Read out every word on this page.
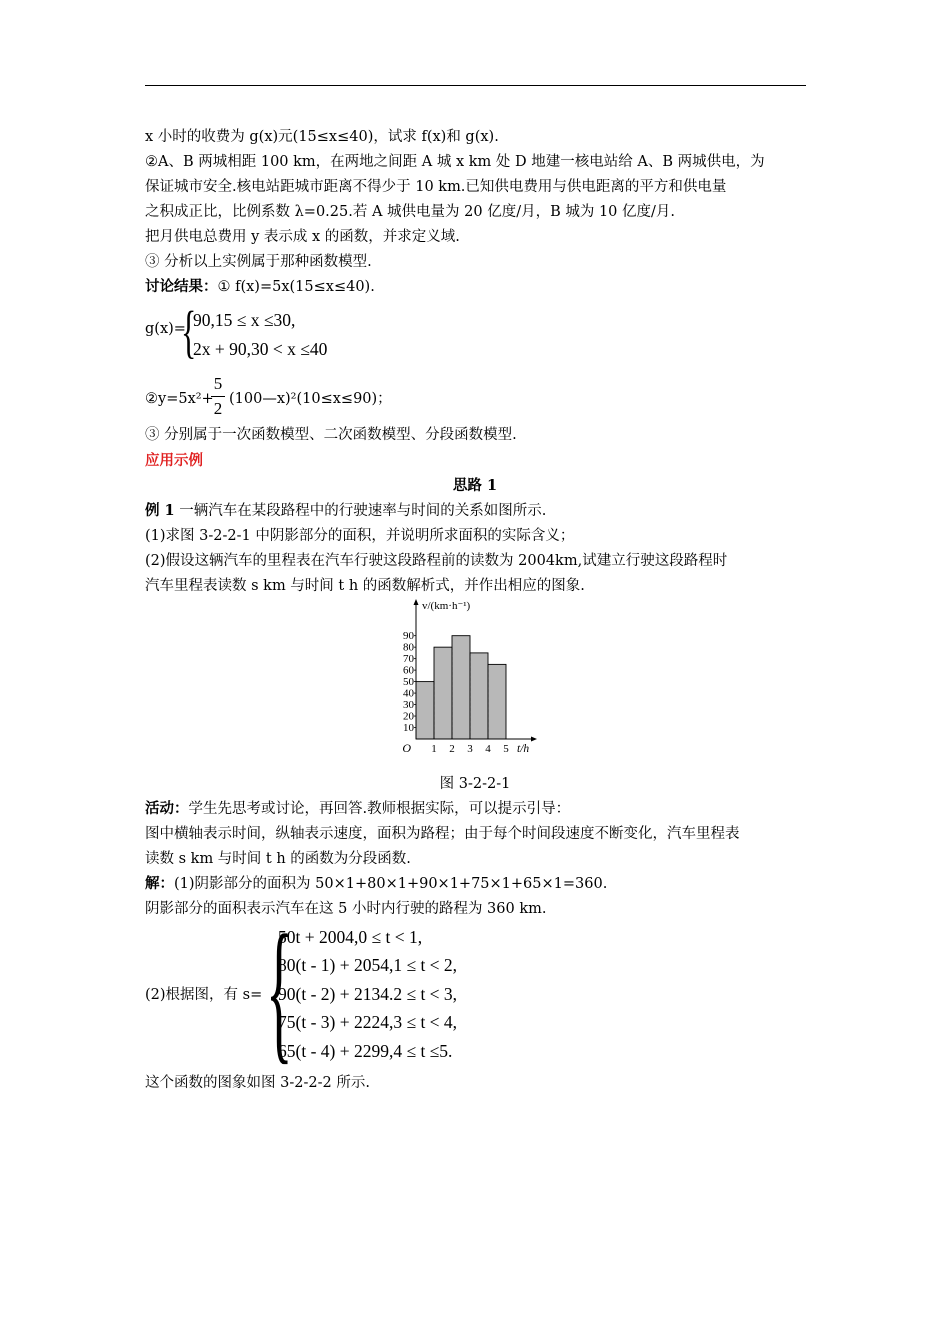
x 小时的收费为 g(x)元(15≤x≤40)，试求 f(x)和 g(x).
②A、B 两城相距 100 km，在两地之间距 A 城 x km 处 D 地建一核电站给 A、B 两城供电，为
保证城市安全.核电站距城市距离不得少于 10 km.已知供电费用与供电距离的平方和供电量
之积成正比，比例系数 λ=0.25.若 A 城供电量为 20 亿度/月，B 城为 10 亿度/月.
把月供电总费用 y 表示成 x 的函数，并求定义域.
③ 分析以上实例属于那种函数模型.
讨论结果：① f(x)=5x(15≤x≤40).
g(x)=
{
90,15 ≤ x ≤30,
2x + 90,30 < x ≤40
②y=5x²+
5
2 (100—x)²(10≤x≤90)；
③ 分别属于一次函数模型、二次函数模型、分段函数模型.
应用示例
思路 1
例 1 一辆汽车在某段路程中的行驶速率与时间的关系如图所示.
(1)求图 3-2-2-1 中阴影部分的面积，并说明所求面积的实际含义；
(2)假设这辆汽车的里程表在汽车行驶这段路程前的读数为 2004km,试建立行驶这段路程时
汽车里程表读数 s km 与时间 t h 的函数解析式，并作出相应的图象.
10
20
30
40
50
60
70
80
90
1 2 3 4 5
O	t/h
v/(km·h⁻¹)
图 3-2-2-1
活动：学生先思考或讨论，再回答.教师根据实际，可以提示引导：
图中横轴表示时间，纵轴表示速度，面积为路程；由于每个时间段速度不断变化，汽车里程表
读数 s km 与时间 t h 的函数为分段函数.
解：(1)阴影部分的面积为 50×1+80×1+90×1+75×1+65×1=360.
阴影部分的面积表示汽车在这 5 小时内行驶的路程为 360 km.
(2)根据图，有 s= {
50t + 2004,0 ≤ t < 1,
80(t - 1) + 2054,1 ≤ t < 2,
90(t - 2) + 2134.2 ≤ t < 3,
75(t - 3) + 2224,3 ≤ t < 4,
65(t - 4) + 2299,4 ≤ t ≤5.
这个函数的图象如图 3-2-2-2 所示.
